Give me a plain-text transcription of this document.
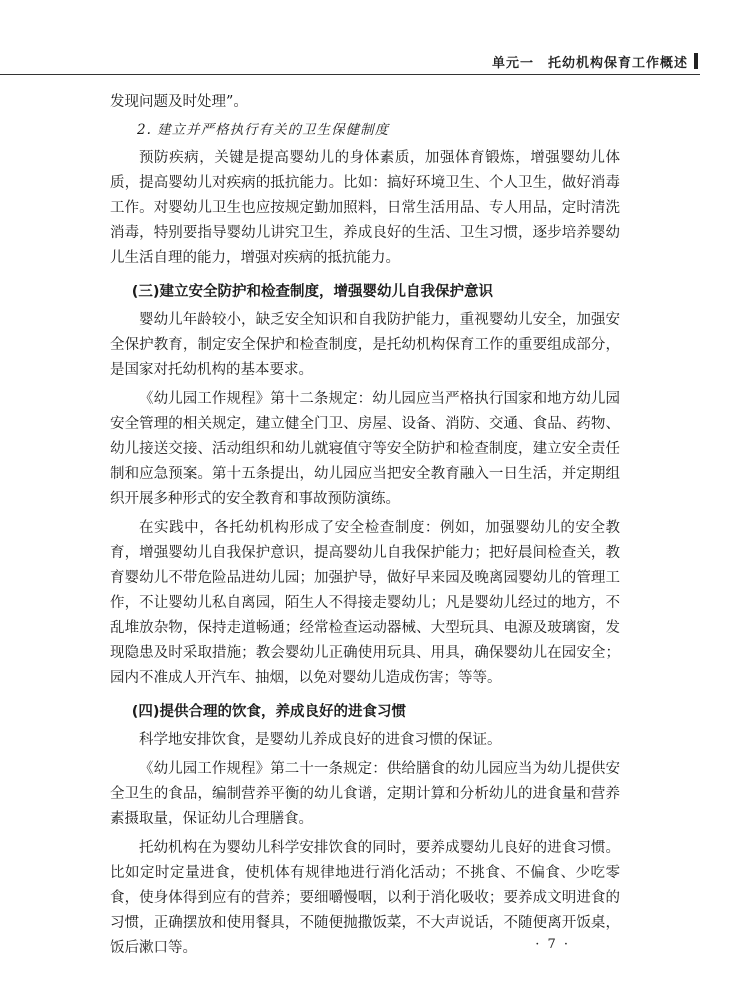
单元一　托幼机构保育工作概述

发现问题及时处理”。

2. 建立并严格执行有关的卫生保健制度

预防疾病，关键是提高婴幼儿的身体素质，加强体育锻炼，增强婴幼儿体质，提高婴幼儿对疾病的抵抗能力。比如：搞好环境卫生、个人卫生，做好消毒工作。对婴幼儿卫生也应按规定勤加照料，日常生活用品、专人用品，定时清洗消毒，特别要指导婴幼儿讲究卫生，养成良好的生活、卫生习惯，逐步培养婴幼儿生活自理的能力，增强对疾病的抵抗能力。

(三)建立安全防护和检查制度，增强婴幼儿自我保护意识

婴幼儿年龄较小，缺乏安全知识和自我防护能力，重视婴幼儿安全，加强安全保护教育，制定安全保护和检查制度，是托幼机构保育工作的重要组成部分，是国家对托幼机构的基本要求。

《幼儿园工作规程》第十二条规定：幼儿园应当严格执行国家和地方幼儿园安全管理的相关规定，建立健全门卫、房屋、设备、消防、交通、食品、药物、幼儿接送交接、活动组织和幼儿就寝值守等安全防护和检查制度，建立安全责任制和应急预案。第十五条提出，幼儿园应当把安全教育融入一日生活，并定期组织开展多种形式的安全教育和事故预防演练。

在实践中，各托幼机构形成了安全检查制度：例如，加强婴幼儿的安全教育，增强婴幼儿自我保护意识，提高婴幼儿自我保护能力；把好晨间检查关，教育婴幼儿不带危险品进幼儿园；加强护导，做好早来园及晚离园婴幼儿的管理工作，不让婴幼儿私自离园，陌生人不得接走婴幼儿；凡是婴幼儿经过的地方，不乱堆放杂物，保持走道畅通；经常检查运动器械、大型玩具、电源及玻璃窗，发现隐患及时采取措施；教会婴幼儿正确使用玩具、用具，确保婴幼儿在园安全；园内不准成人开汽车、抽烟，以免对婴幼儿造成伤害；等等。

(四)提供合理的饮食，养成良好的进食习惯

科学地安排饮食，是婴幼儿养成良好的进食习惯的保证。

《幼儿园工作规程》第二十一条规定：供给膳食的幼儿园应当为幼儿提供安全卫生的食品，编制营养平衡的幼儿食谱，定期计算和分析幼儿的进食量和营养素摄取量，保证幼儿合理膳食。

托幼机构在为婴幼儿科学安排饮食的同时，要养成婴幼儿良好的进食习惯。比如定时定量进食，使机体有规律地进行消化活动；不挑食、不偏食、少吃零食，使身体得到应有的营养；要细嚼慢咽，以利于消化吸收；要养成文明进食的习惯，正确摆放和使用餐具，不随便抛撒饭菜，不大声说话，不随便离开饭桌，饭后漱口等。	· 7 ·
